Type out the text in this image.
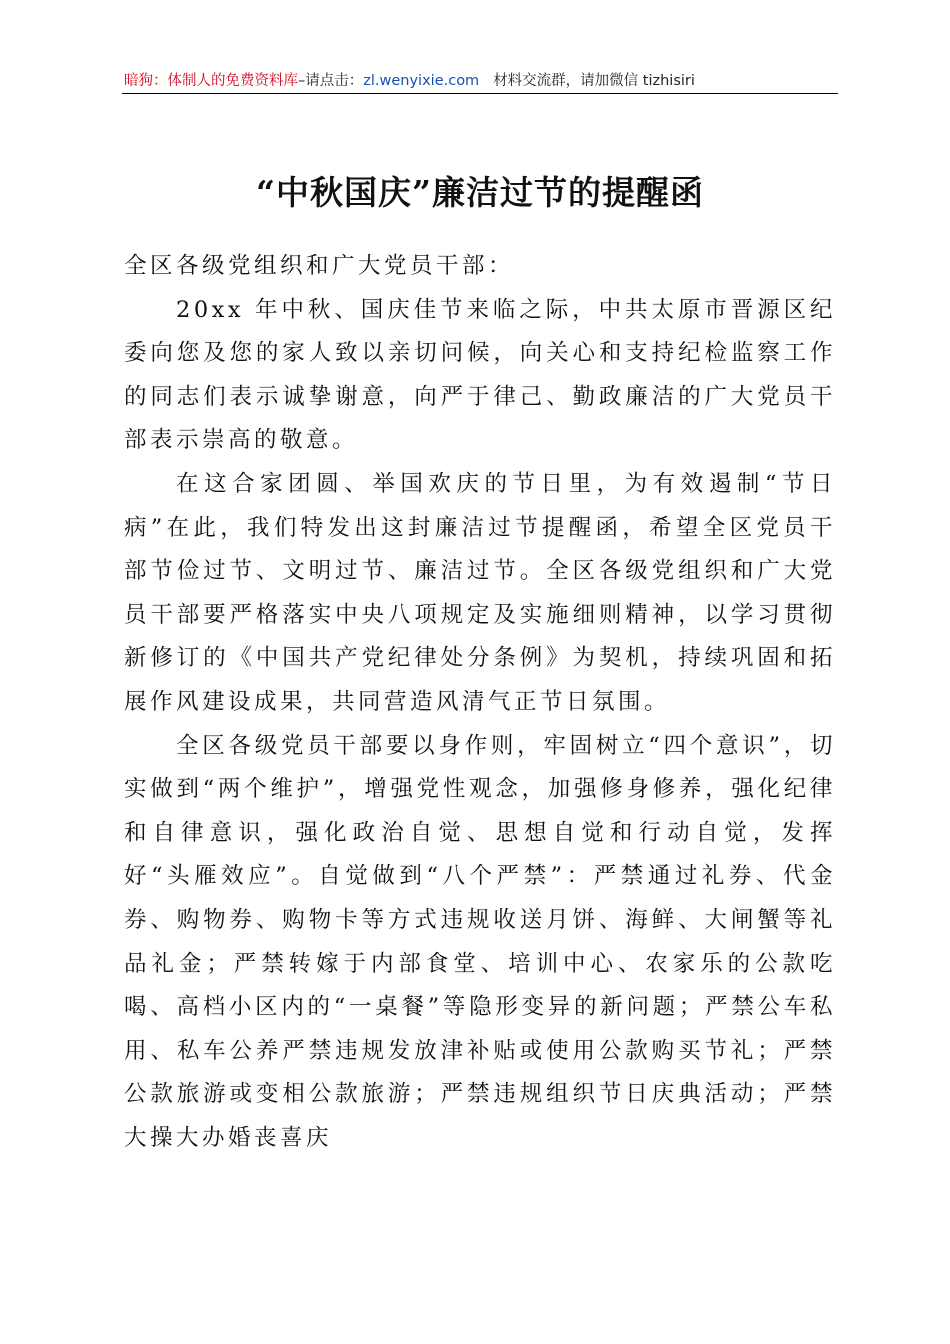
暗狗：体制人的免费资料库–请点击：zl.wenyixie.com 材料交流群，请加微信 tizhisiri
“中秋国庆”廉洁过节的提醒函

全区各级党组织和广大党员干部：

20xx 年中秋、国庆佳节来临之际，中共太原市晋源区纪委向您及您的家人致以亲切问候，向关心和支持纪检监察工作的同志们表示诚挚谢意，向严于律己、勤政廉洁的广大党员干部表示崇高的敬意。

在这合家团圆、举国欢庆的节日里，为有效遏制“节日病”在此，我们特发出这封廉洁过节提醒函，希望全区党员干部节俭过节、文明过节、廉洁过节。全区各级党组织和广大党员干部要严格落实中央八项规定及实施细则精神，以学习贯彻新修订的《中国共产党纪律处分条例》为契机，持续巩固和拓展作风建设成果，共同营造风清气正节日氛围。

全区各级党员干部要以身作则，牢固树立“四个意识”，切实做到“两个维护”，增强党性观念，加强修身修养，强化纪律和自律意识，强化政治自觉、思想自觉和行动自觉，发挥好“头雁效应”。自觉做到“八个严禁”：严禁通过礼券、代金券、购物券、购物卡等方式违规收送月饼、海鲜、大闸蟹等礼品礼金；严禁转嫁于内部食堂、培训中心、农家乐的公款吃喝、高档小区内的“一桌餐”等隐形变异的新问题；严禁公车私用、私车公养严禁违规发放津补贴或使用公款购买节礼；严禁公款旅游或变相公款旅游；严禁违规组织节日庆典活动；严禁大操大办婚丧喜庆
